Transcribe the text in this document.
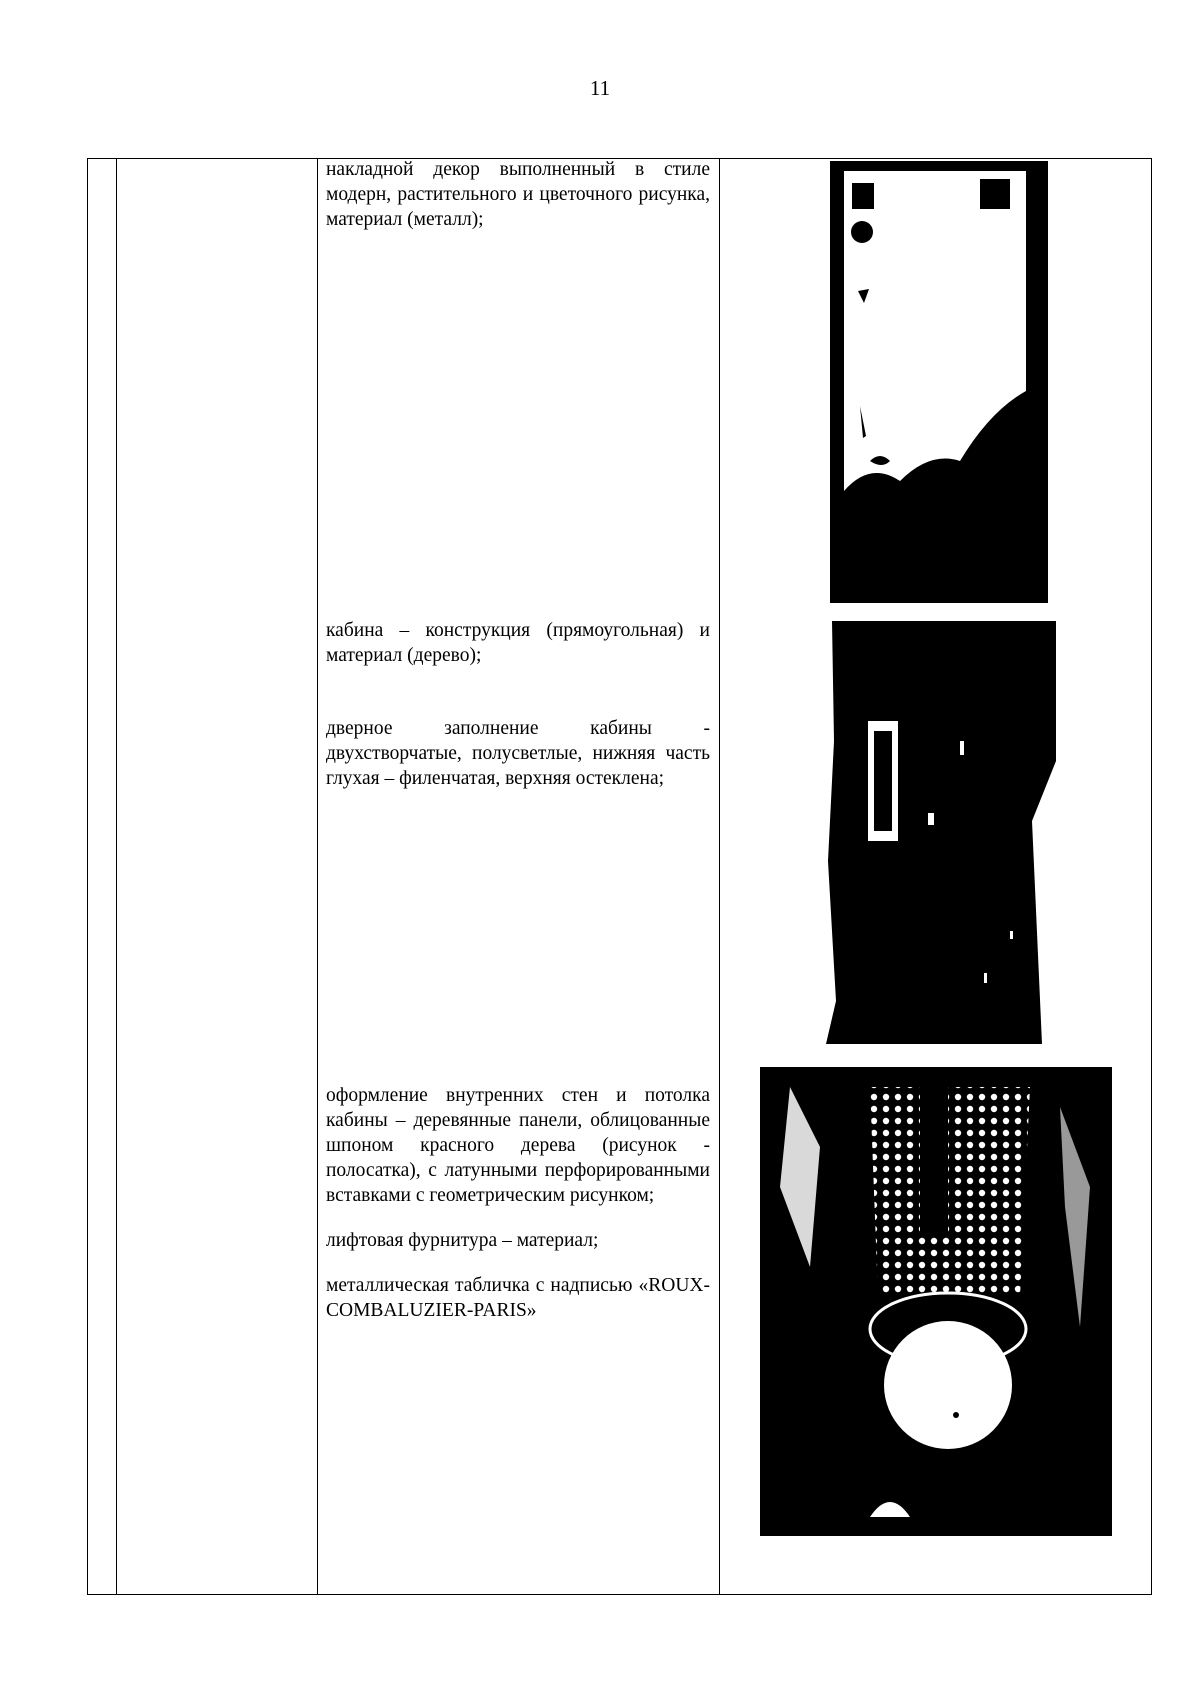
11

накладной декор выполненный в стиле модерн, растительного и цветочного рисунка, материал (металл);

кабина – конструкция (прямоугольная) и материал (дерево);

дверное заполнение кабины - двухстворчатые, полусветлые, нижняя часть глухая – филенчатая, верхняя остеклена;

оформление внутренних стен и потолка кабины – деревянные панели, облицованные шпоном красного дерева (рисунок - полосатка), с латунными перфорированными вставками с геометрическим рисунком;

лифтовая фурнитура – материал;

металлическая табличка с надписью «ROUX-COMBALUZIER-PARIS»
